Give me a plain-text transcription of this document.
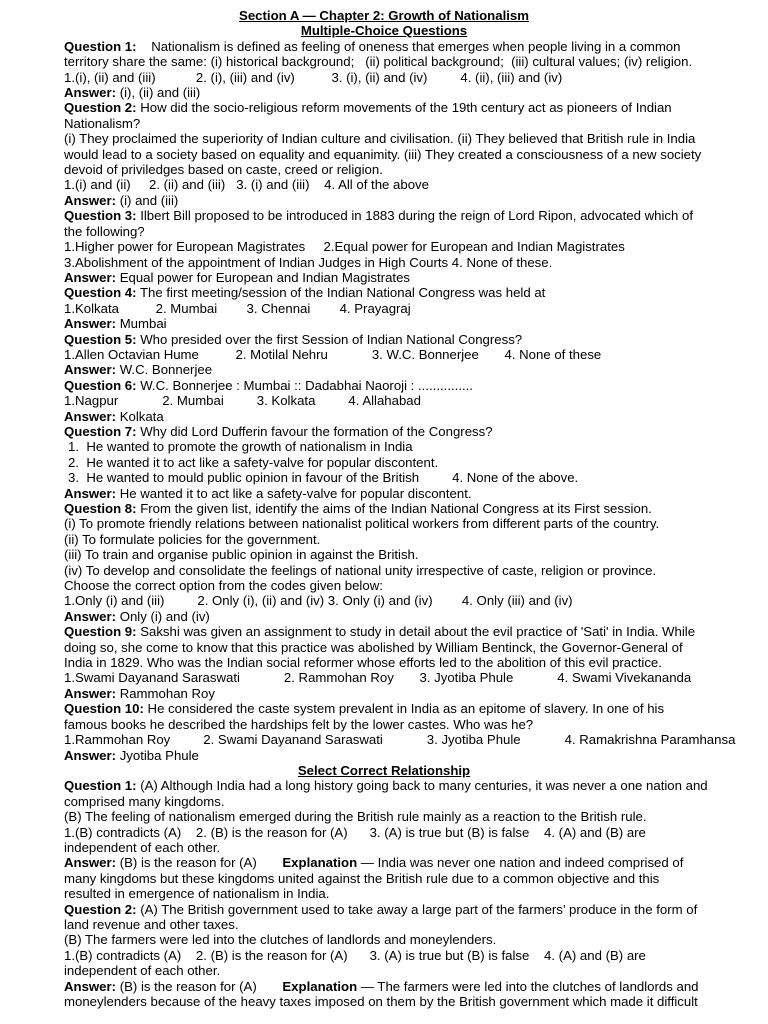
Section A — Chapter 2: Growth of Nationalism
Multiple-Choice Questions
Question 1:    Nationalism is defined as feeling of oneness that emerges when people living in a common
territory share the same: (i) historical background;   (ii) political background;  (iii) cultural values; (iv) religion.
1.(i), (ii) and (iii)           2. (i), (iii) and (iv)          3. (i), (ii) and (iv)         4. (ii), (iii) and (iv)
Answer: (i), (ii) and (iii)
Question 2: How did the socio-religious reform movements of the 19th century act as pioneers of Indian
Nationalism?
(i) They proclaimed the superiority of Indian culture and civilisation. (ii) They believed that British rule in India
would lead to a society based on equality and equanimity. (iii) They created a consciousness of a new society
devoid of priviledges based on caste, creed or religion.
1.(i) and (ii)     2. (ii) and (iii)   3. (i) and (iii)    4. All of the above
Answer: (i) and (iii)
Question 3: Ilbert Bill proposed to be introduced in 1883 during the reign of Lord Ripon, advocated which of
the following?
1.Higher power for European Magistrates     2.Equal power for European and Indian Magistrates
3.Abolishment of the appointment of Indian Judges in High Courts 4. None of these.
Answer: Equal power for European and Indian Magistrates
Question 4: The first meeting/session of the Indian National Congress was held at
1.Kolkata          2. Mumbai        3. Chennai        4. Prayagraj
Answer: Mumbai
Question 5: Who presided over the first Session of Indian National Congress?
1.Allen Octavian Hume          2. Motilal Nehru            3. W.C. Bonnerjee       4. None of these
Answer: W.C. Bonnerjee
Question 6: W.C. Bonnerjee : Mumbai :: Dadabhai Naoroji : ...............
1.Nagpur            2. Mumbai         3. Kolkata         4. Allahabad
Answer: Kolkata
Question 7: Why did Lord Dufferin favour the formation of the Congress?
1.  He wanted to promote the growth of nationalism in India
2.  He wanted it to act like a safety-valve for popular discontent.
3.  He wanted to mould public opinion in favour of the British         4. None of the above.
Answer: He wanted it to act like a safety-valve for popular discontent.
Question 8: From the given list, identify the aims of the Indian National Congress at its First session.
(i) To promote friendly relations between nationalist political workers from different parts of the country.
(ii) To formulate policies for the government.
(iii) To train and organise public opinion in against the British.
(iv) To develop and consolidate the feelings of national unity irrespective of caste, religion or province.
Choose the correct option from the codes given below:
1.Only (i) and (iii)         2. Only (i), (ii) and (iv) 3. Only (i) and (iv)        4. Only (iii) and (iv)
Answer: Only (i) and (iv)
Question 9: Sakshi was given an assignment to study in detail about the evil practice of 'Sati' in India. While
doing so, she come to know that this practice was abolished by William Bentinck, the Governor-General of
India in 1829. Who was the Indian social reformer whose efforts led to the abolition of this evil practice.
1.Swami Dayanand Saraswati            2. Rammohan Roy       3. Jyotiba Phule            4. Swami Vivekananda
Answer: Rammohan Roy
Question 10: He considered the caste system prevalent in India as an epitome of slavery. In one of his
famous books he described the hardships felt by the lower castes. Who was he?
1.Rammohan Roy         2. Swami Dayanand Saraswati            3. Jyotiba Phule            4. Ramakrishna Paramhansa
Answer: Jyotiba Phule
Select Correct Relationship
Question 1: (A) Although India had a long history going back to many centuries, it was never a one nation and
comprised many kingdoms.
(B) The feeling of nationalism emerged during the British rule mainly as a reaction to the British rule.
1.(B) contradicts (A)    2. (B) is the reason for (A)      3. (A) is true but (B) is false    4. (A) and (B) are
independent of each other.
Answer: (B) is the reason for (A)       Explanation — India was never one nation and indeed comprised of
many kingdoms but these kingdoms united against the British rule due to a common objective and this
resulted in emergence of nationalism in India.
Question 2: (A) The British government used to take away a large part of the farmers’ produce in the form of
land revenue and other taxes.
(B) The farmers were led into the clutches of landlords and moneylenders.
1.(B) contradicts (A)    2. (B) is the reason for (A)      3. (A) is true but (B) is false    4. (A) and (B) are
independent of each other.
Answer: (B) is the reason for (A)       Explanation — The farmers were led into the clutches of landlords and
moneylenders because of the heavy taxes imposed on them by the British government which made it difficult
